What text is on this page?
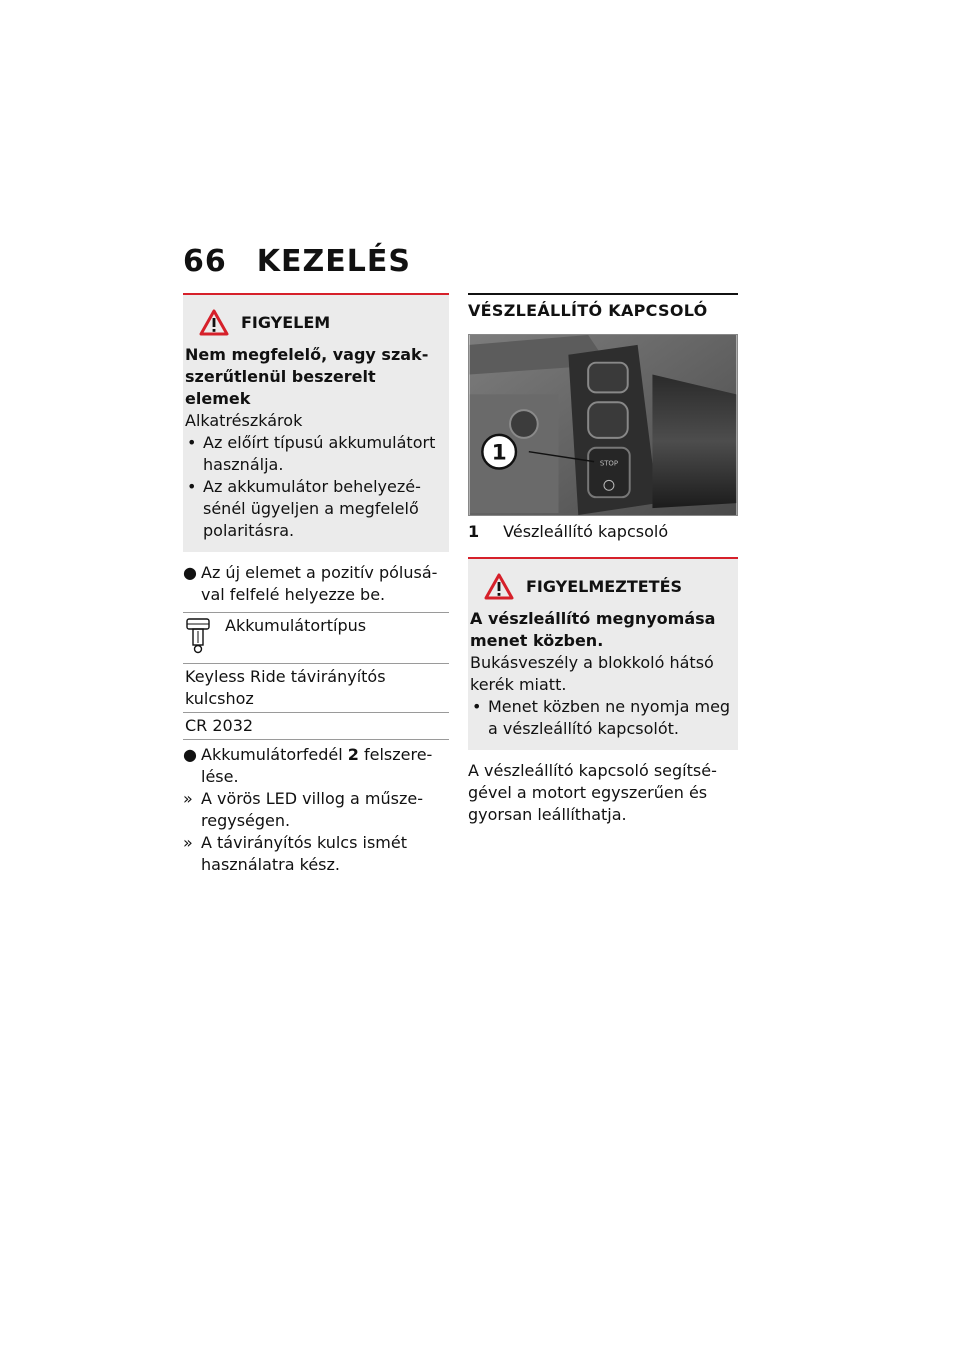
66 KEZELÉS
FIGYELEM

Nem megfelelő, vagy szakszerűtlenül beszerelt elemek

Alkatrészkárok

• Az előírt típusú akkumulátort használja.
• Az akkumulátor behelyezésénél ügyeljen a megfelelő polaritásra.

● Az új elemet a pozitív pólusával felfelé helyezze be.

Akkumulátortípus

Keyless Ride távirányítós kulcshoz
CR 2032

● Akkumulátorfedél 2 felszerelése.

» A vörös LED villog a műszeregységen.

» A távirányítós kulcs ismét használatra kész.

VÉSZLEÁLLÍTÓ KAPCSOLÓ
STOP
1
1 Vészleállító kapcsoló
FIGYELMEZTETÉS

A vészleállító megnyomása menet közben.

Bukásveszély a blokkoló hátsó kerék miatt.

• Menet közben ne nyomja meg a vészleállító kapcsolót.

A vészleállító kapcsoló segítségével a motort egyszerűen és gyorsan leállíthatja.
